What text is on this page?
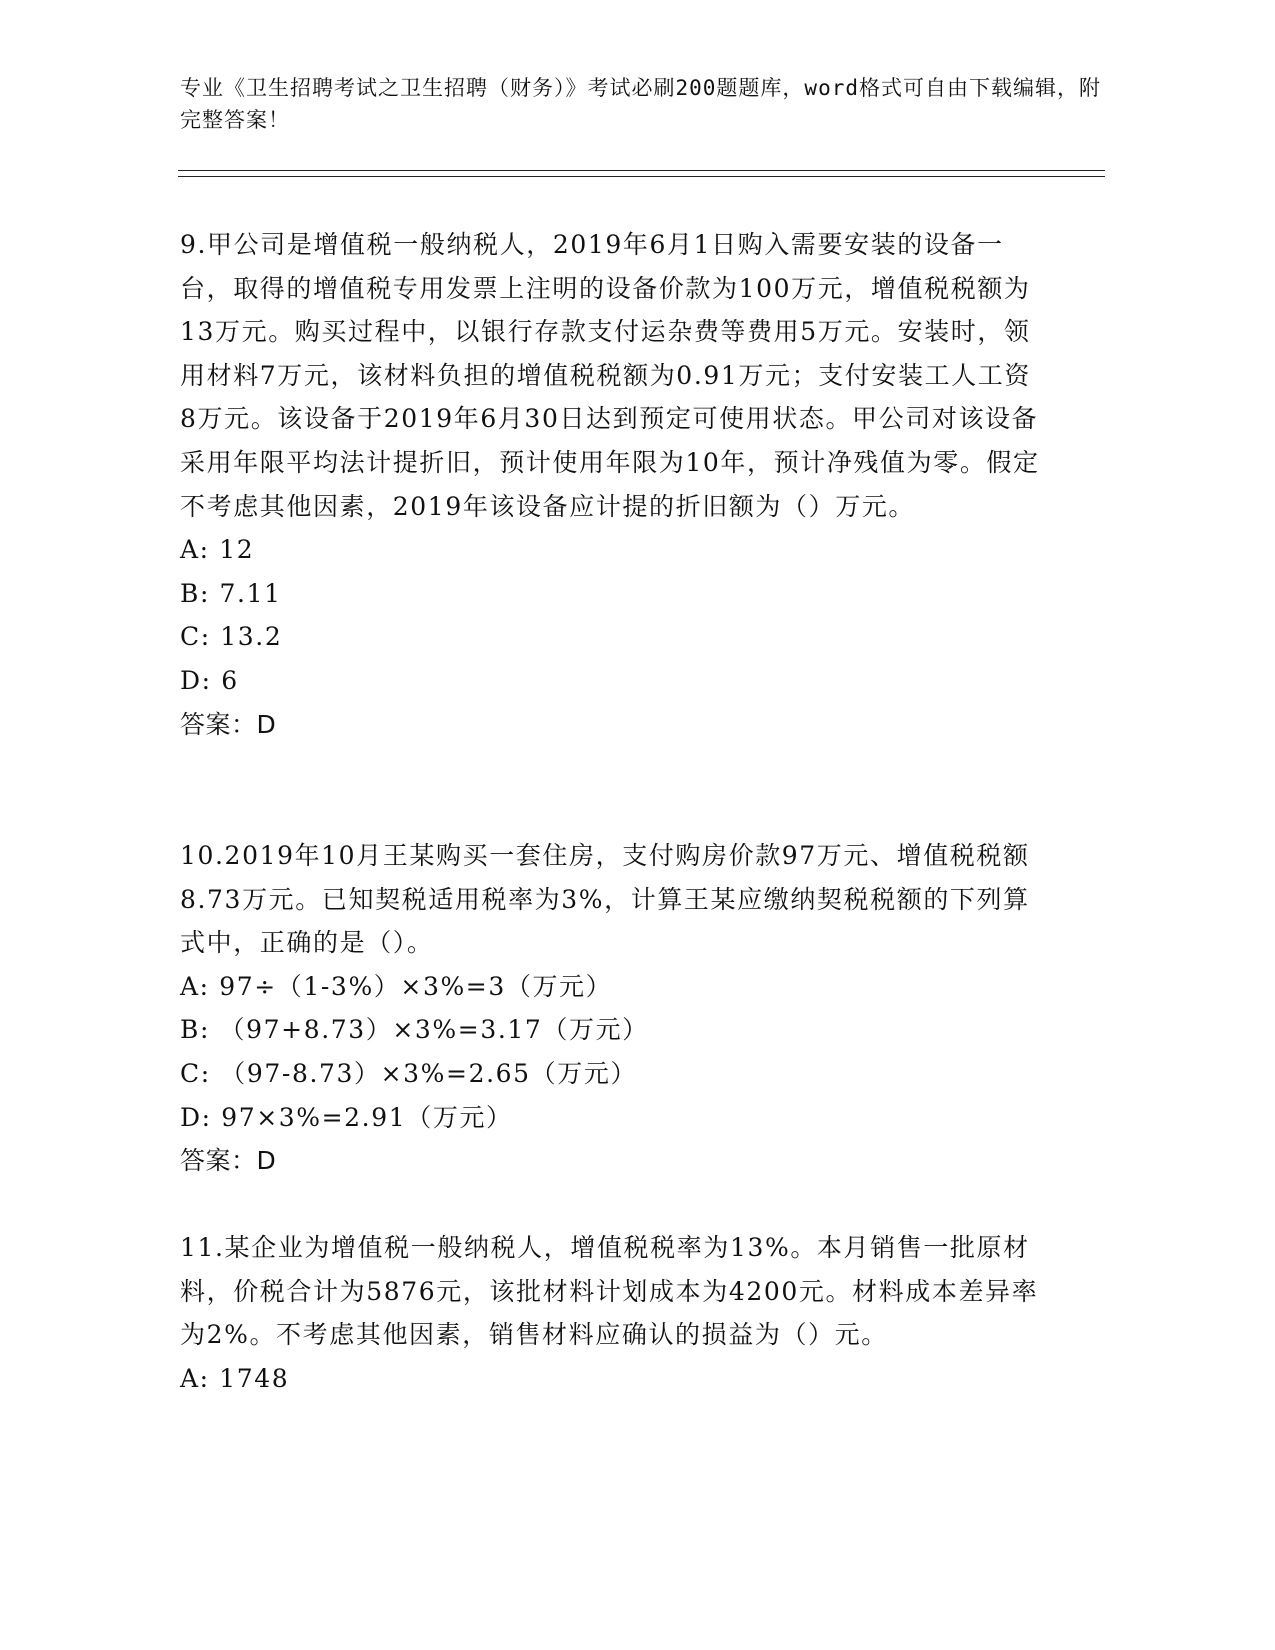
专业《卫生招聘考试之卫生招聘（财务）》考试必刷200题题库，word格式可自由下载编辑，附完整答案！

9.甲公司是增值税一般纳税人，2019年6月1日购入需要安装的设备一台，取得的增值税专用发票上注明的设备价款为100万元，增值税税额为13万元。购买过程中，以银行存款支付运杂费等费用5万元。安装时，领用材料7万元，该材料负担的增值税税额为0.91万元；支付安装工人工资8万元。该设备于2019年6月30日达到预定可使用状态。甲公司对该设备采用年限平均法计提折旧，预计使用年限为10年，预计净残值为零。假定不考虑其他因素，2019年该设备应计提的折旧额为（）万元。

A: 12

B: 7.11

C: 13.2

D: 6

答案：D

10.2019年10月王某购买一套住房，支付购房价款97万元、增值税税额8.73万元。已知契税适用税率为3%，计算王某应缴纳契税税额的下列算式中，正确的是（）。

A: 97÷（1-3%）×3%=3（万元）

B: （97+8.73）×3%=3.17（万元）

C: （97-8.73）×3%=2.65（万元）

D: 97×3%=2.91（万元）

答案：D

11.某企业为增值税一般纳税人，增值税税率为13%。本月销售一批原材料，价税合计为5876元，该批材料计划成本为4200元。材料成本差异率为2%。不考虑其他因素，销售材料应确认的损益为（）元。

A: 1748
